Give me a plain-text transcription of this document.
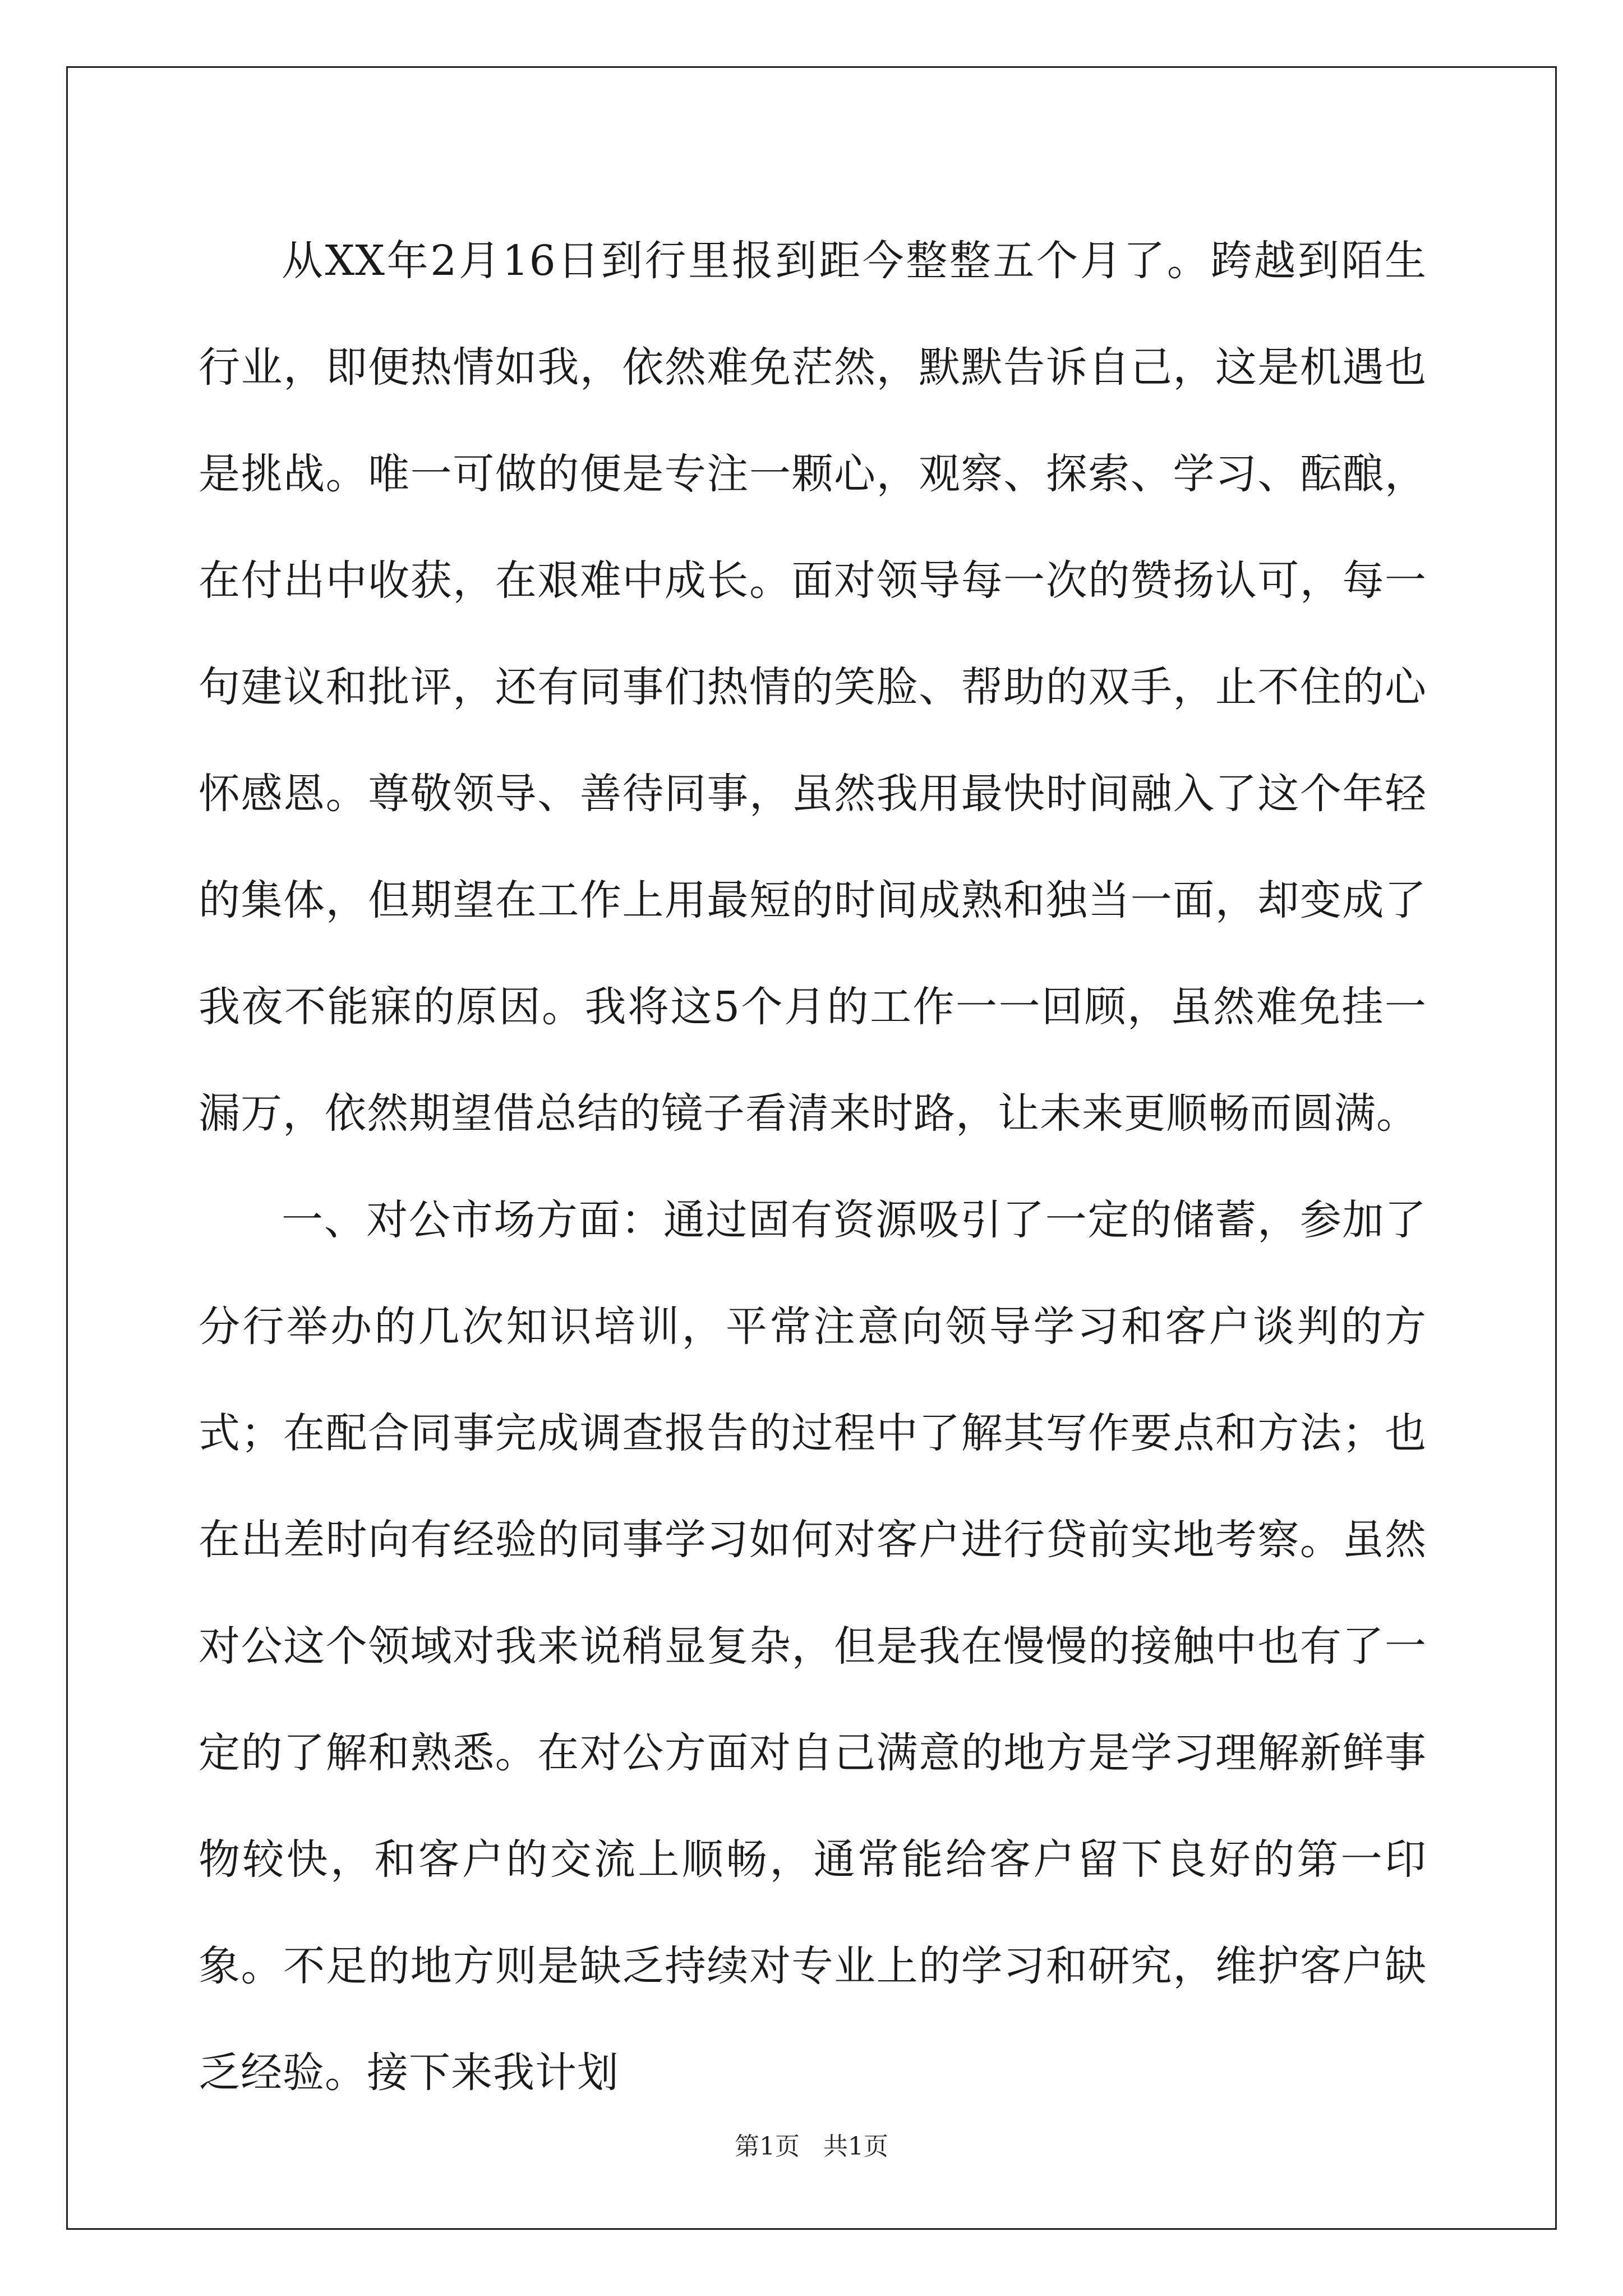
从XX年2月16日到行里报到距今整整五个月了。跨越到陌生行业，即便热情如我，依然难免茫然，默默告诉自己，这是机遇也是挑战。唯一可做的便是专注一颗心，观察、探索、学习、酝酿，在付出中收获，在艰难中成长。面对领导每一次的赞扬认可，每一句建议和批评，还有同事们热情的笑脸、帮助的双手，止不住的心怀感恩。尊敬领导、善待同事，虽然我用最快时间融入了这个年轻的集体，但期望在工作上用最短的时间成熟和独当一面，却变成了我夜不能寐的原因。我将这5个月的工作一一回顾，虽然难免挂一漏万，依然期望借总结的镜子看清来时路，让未来更顺畅而圆满。

一、对公市场方面：通过固有资源吸引了一定的储蓄，参加了分行举办的几次知识培训，平常注意向领导学习和客户谈判的方式；在配合同事完成调查报告的过程中了解其写作要点和方法；也在出差时向有经验的同事学习如何对客户进行贷前实地考察。虽然对公这个领域对我来说稍显复杂，但是我在慢慢的接触中也有了一定的了解和熟悉。在对公方面对自己满意的地方是学习理解新鲜事物较快，和客户的交流上顺畅，通常能给客户留下良好的第一印象。不足的地方则是缺乏持续对专业上的学习和研究，维护客户缺乏经验。接下来我计划

第1页   共1页
